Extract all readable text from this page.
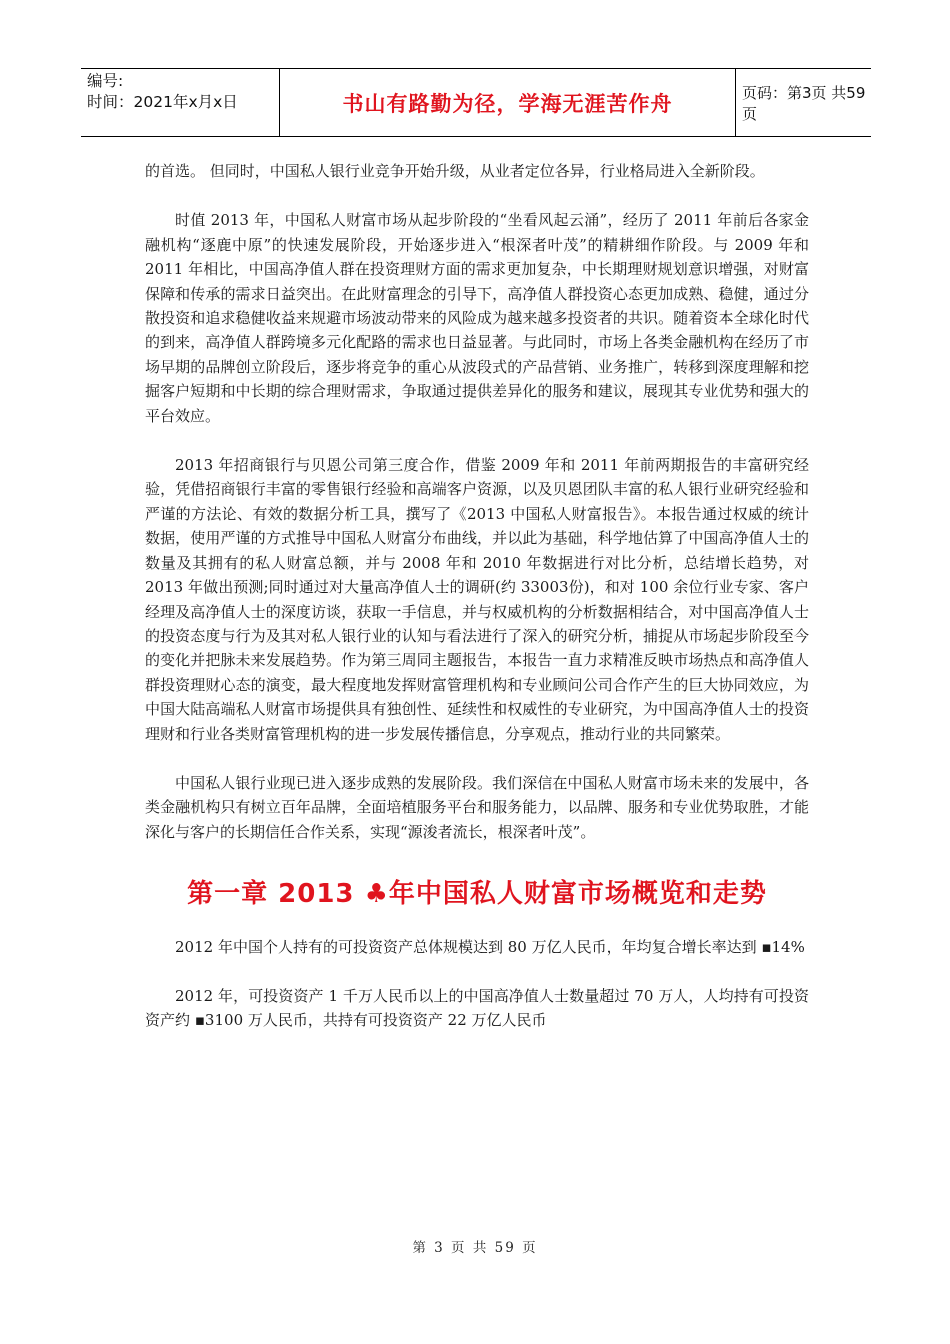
编号:
时间：2021年x月x日	书山有路勤为径，学海无涯苦作舟	页码：第3页 共59页

的首选。 但同时，中国私人银行业竞争开始升级，从业者定位各异，行业格局进入全新阶段。

时值 2013 年，中国私人财富市场从起步阶段的“坐看风起云涌”，经历了 2011 年前后各家金融机构“逐鹿中原”的快速发展阶段，开始逐步进入“根深者叶茂”的精耕细作阶段。与 2009 年和 2011 年相比，中国高净值人群在投资理财方面的需求更加复杂，中长期理财规划意识增强，对财富保障和传承的需求日益突出。在此财富理念的引导下，高净值人群投资心态更加成熟、稳健，通过分散投资和追求稳健收益来规避市场波动带来的风险成为越来越多投资者的共识。随着资本全球化时代的到来，高净值人群跨境多元化配路的需求也日益显著。与此同时，市场上各类金融机构在经历了市场早期的品牌创立阶段后，逐步将竞争的重心从波段式的产品营销、业务推广，转移到深度理解和挖掘客户短期和中长期的综合理财需求，争取通过提供差异化的服务和建议，展现其专业优势和强大的平台效应。

2013 年招商银行与贝恩公司第三度合作，借鉴 2009 年和 2011 年前两期报告的丰富研究经验，凭借招商银行丰富的零售银行经验和高端客户资源，以及贝恩团队丰富的私人银行业研究经验和严谨的方法论、有效的数据分析工具，撰写了《2013 中国私人财富报告》。本报告通过权威的统计数据，使用严谨的方式推导中国私人财富分布曲线，并以此为基础，科学地估算了中国高净值人士的数量及其拥有的私人财富总额，并与 2008 年和 2010 年数据进行对比分析，总结增长趋势，对 2013 年做出预测;同时通过对大量高净值人士的调研(约 33003份)，和对 100 余位行业专家、客户经理及高净值人士的深度访谈，获取一手信息，并与权威机构的分析数据相结合，对中国高净值人士的投资态度与行为及其对私人银行业的认知与看法进行了深入的研究分析，捕捉从市场起步阶段至今的变化并把脉未来发展趋势。作为第三周同主题报告，本报告一直力求精准反映市场热点和高净值人群投资理财心态的演变，最大程度地发挥财富管理机构和专业顾问公司合作产生的巨大协同效应，为中国大陆高端私人财富市场提供具有独创性、延续性和权威性的专业研究，为中国高净值人士的投资理财和行业各类财富管理机构的进一步发展传播信息，分享观点，推动行业的共同繁荣。

中国私人银行业现已进入逐步成熟的发展阶段。我们深信在中国私人财富市场未来的发展中，各类金融机构只有树立百年品牌，全面培植服务平台和服务能力，以品牌、服务和专业优势取胜，才能深化与客户的长期信任合作关系，实现“源浚者流长，根深者叶茂”。

第一章 2013 ♣年中国私人财富市场概览和走势

2012 年中国个人持有的可投资资产总体规模达到 80 万亿人民币，年均复合增长率达到 ▪14%

2012 年，可投资资产 1 千万人民币以上的中国高净值人士数量超过 70 万人，人均持有可投资资产约 ▪3100 万人民币，共持有可投资资产 22 万亿人民币

第 3 页 共 59 页
